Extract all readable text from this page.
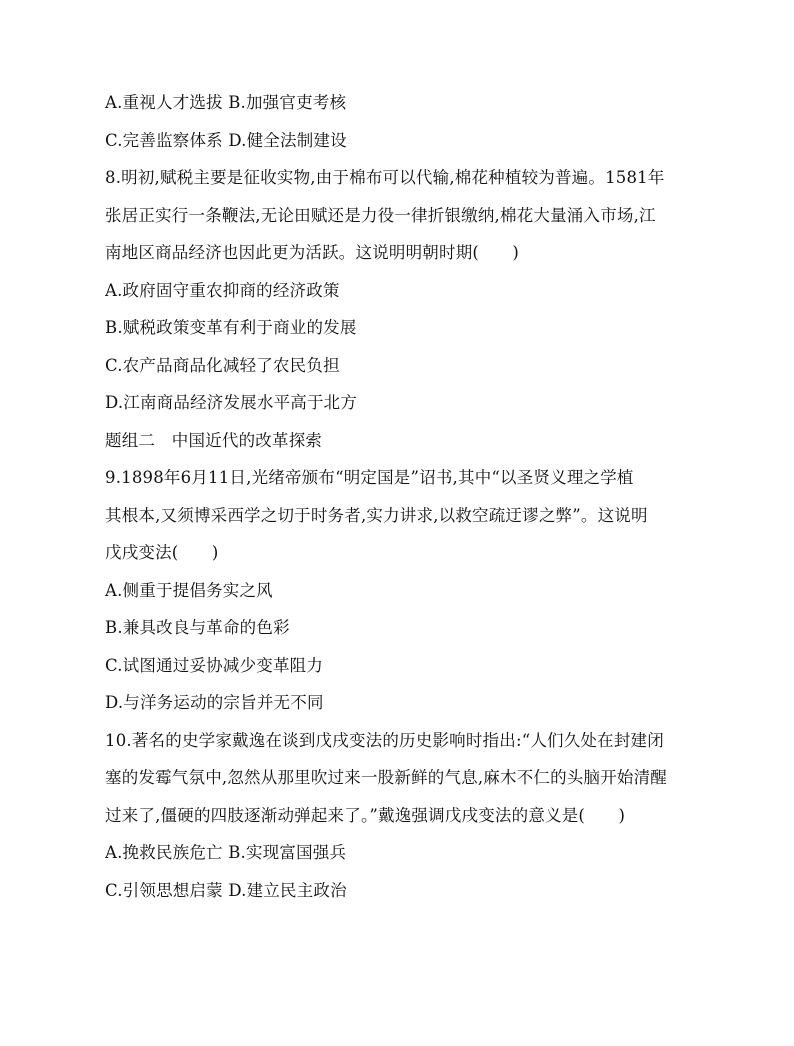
A.重视人才选拔 B.加强官吏考核
C.完善监察体系 D.健全法制建设
8.明初,赋税主要是征收实物,由于棉布可以代输,棉花种植较为普遍。1581年
张居正实行一条鞭法,无论田赋还是力役一律折银缴纳,棉花大量涌入市场,江
南地区商品经济也因此更为活跃。这说明明朝时期(　　)
A.政府固守重农抑商的经济政策
B.赋税政策变革有利于商业的发展
C.农产品商品化减轻了农民负担
D.江南商品经济发展水平高于北方
题组二　中国近代的改革探索
9.1898年6月11日,光绪帝颁布“明定国是”诏书,其中“以圣贤义理之学植
其根本,又须博采西学之切于时务者,实力讲求,以救空疏迂谬之弊”。这说明
戊戌变法(　　)
A.侧重于提倡务实之风
B.兼具改良与革命的色彩
C.试图通过妥协减少变革阻力
D.与洋务运动的宗旨并无不同
10.著名的史学家戴逸在谈到戊戌变法的历史影响时指出:“人们久处在封建闭
塞的发霉气氛中,忽然从那里吹过来一股新鲜的气息,麻木不仁的头脑开始清醒
过来了,僵硬的四肢逐渐动弹起来了。”戴逸强调戊戌变法的意义是(　　)
A.挽救民族危亡 B.实现富国强兵
C.引领思想启蒙 D.建立民主政治
